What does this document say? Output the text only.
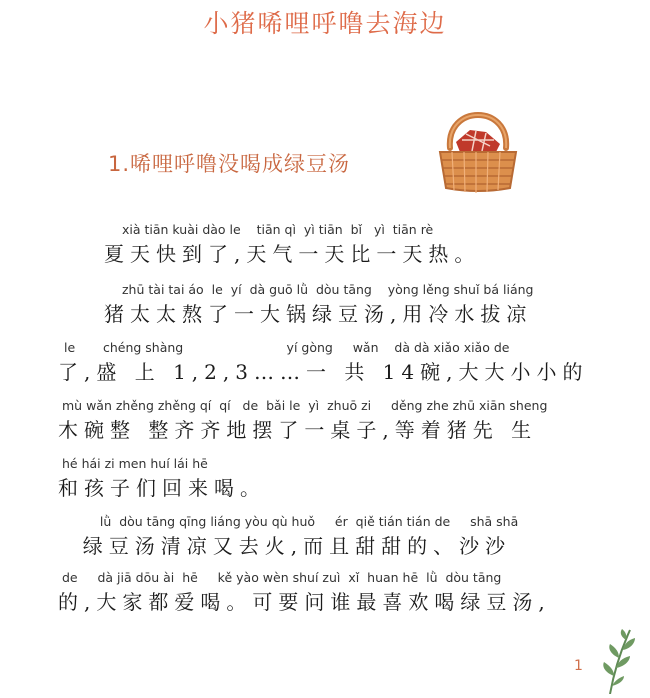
小猪唏哩呼噜去海边
1.唏哩呼噜没喝成绿豆汤
xià tiān kuài dào le    tiān qì  yì tiān  bǐ   yì  tiān rè
夏天快到了,天气一天比一天热。
zhū tài tai áo  le  yí  dà guō lǜ  dòu tāng    yòng lěng shuǐ bá liáng
猪太太熬了一大锅绿豆汤,用冷水拔凉
le       chéng shàng                          yí gòng     wǎn    dà dà xiǎo xiǎo de
了,盛 上 1,2,3……一 共 14碗,大大小小的
mù wǎn zhěng zhěng qí  qí   de  bǎi le  yì  zhuō zi     děng zhe zhū xiān sheng
木碗整 整齐齐地摆了一桌子,等着猪先 生
hé hái zi men huí lái hē
和孩子们回来喝。
lǜ  dòu tāng qīng liáng yòu qù huǒ     ér  qiě tián tián de     shā shā
绿豆汤清凉又去火,而且甜甜的、沙沙
de     dà jiā dōu ài  hē     kě yào wèn shuí zuì  xǐ  huan hē  lǜ  dòu tāng
的,大家都爱喝。可要问谁最喜欢喝绿豆汤,
1
